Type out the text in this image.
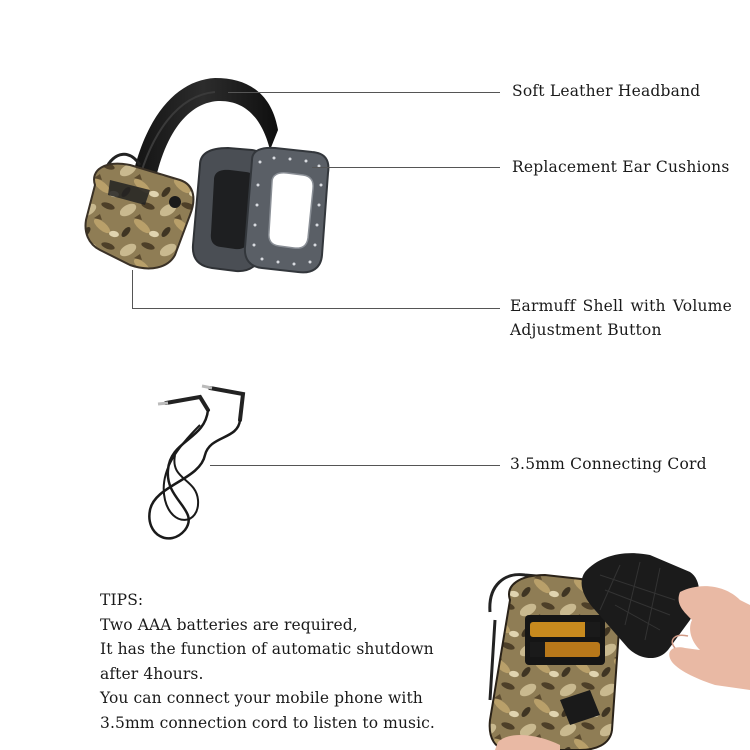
Soft Leather Headband
Replacement Ear Cushions
Earmuff Shell with Volume
Adjustment Button
3.5mm Connecting Cord
TIPS:
Two AAA batteries are required,
It has the function of automatic shutdown
after 4hours.
You can connect your mobile phone with
3.5mm connection cord to listen to music.
